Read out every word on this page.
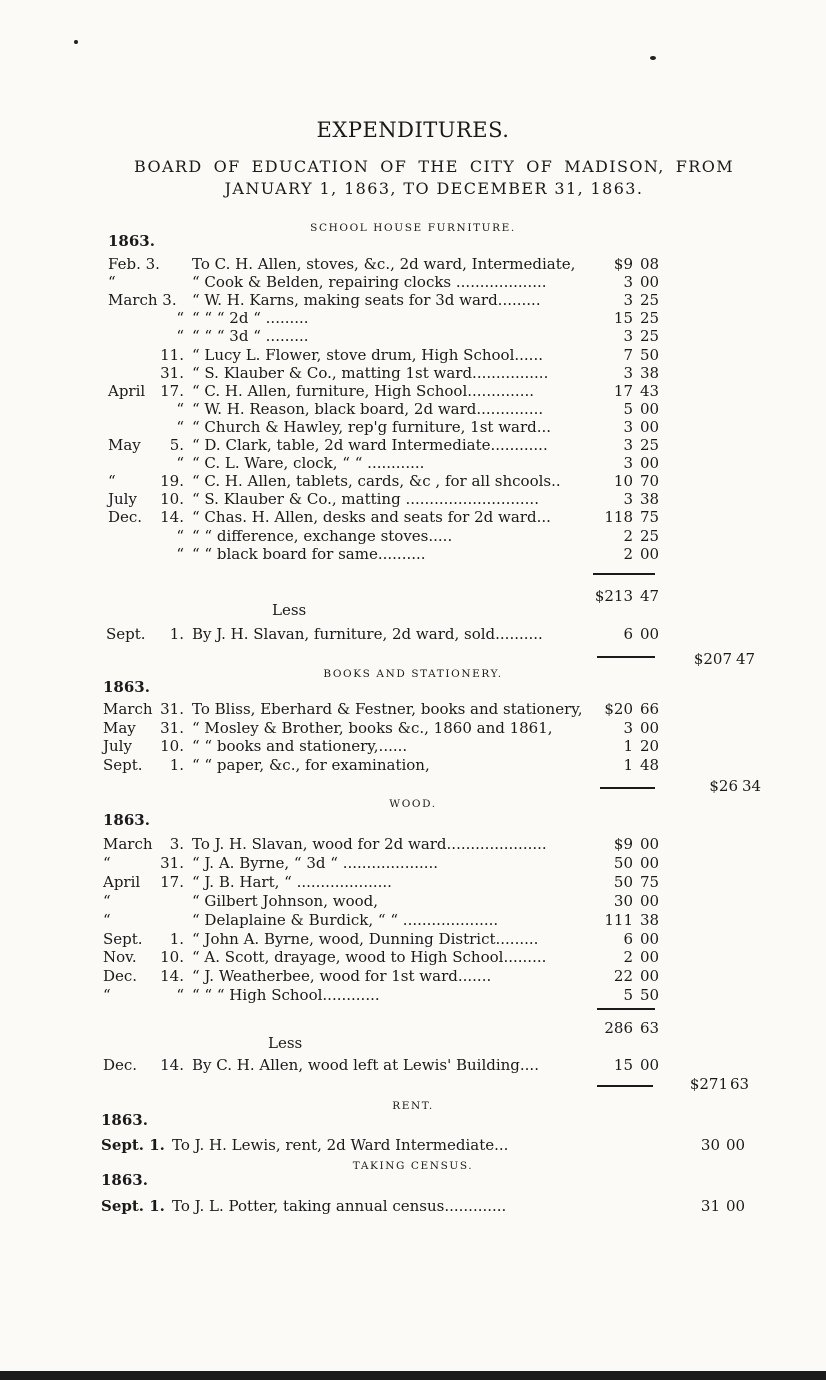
EXPENDITURES.
BOARD OF EDUCATION OF THE CITY OF MADISON, FROM JANUARY 1, 1863, TO DECEMBER 31, 1863.
SCHOOL HOUSE FURNITURE.
1863.
Feb. 3. To C. H. Allen, stoves, &c., 2d ward, Intermediate,	$9 08
“	“ Cook & Belden, repairing clocks ...................	3 00
March 3. “ W. H. Karns, making seats for 3d ward.........	3 25
“ “ “ “ 2d “ .........	15 25
“ “ “ “ 3d “ .........	3 25
11. “ Lucy L. Flower, stove drum, High School......	7 50
31. “ S. Klauber & Co., matting 1st ward................	3 38
April 17. “ C. H. Allen, furniture, High School..............	17 43
“ “ W. H. Reason, black board, 2d ward..............	5 00
“ “ Church & Hawley, rep'g furniture, 1st ward...	3 00
May	5. “ D. Clark, table, 2d ward Intermediate............	3 25
“ “ C. L. Ware, clock, “ “ ............	3 00
“	19. “ C. H. Allen, tablets, cards, &c , for all shcools..	10 70
July	10. “ S. Klauber & Co., matting ............................	3 38
Dec.	14. “ Chas. H. Allen, desks and seats for 2d ward...	118 75
“ “ “ difference, exchange stoves.....	2 25
“ “ “ black board for same..........	2 00
$213 47
Less
Sept.	1. By J. H. Slavan, furniture, 2d ward, sold..........	6 00
$207 47
BOOKS AND STATIONERY.
1863.
March 31. To Bliss, Eberhard & Festner, books and stationery,	$20 66
May	31. “ Mosley & Brother, books &c., 1860 and 1861,	3 00
July	10. “ “ books and stationery,......	1 20
Sept.	1. “ “ paper, &c., for examination,	1 48
$26 34
WOOD.
1863.
March	3. To J. H. Slavan, wood for 2d ward.....................	$9 00
“	31. “ J. A. Byrne, “ 3d “ ....................	50 00
April	17. “ J. B. Hart, “ ....................	50 75
“	“ Gilbert Johnson, wood,	30 00
“	“ Delaplaine & Burdick, “ “ ....................	111 38
Sept.	1. “ John A. Byrne, wood, Dunning District.........	6 00
Nov.	10. “ A. Scott, drayage, wood to High School.........	2 00
Dec.	14. “ J. Weatherbee, wood for 1st ward.......	22 00
“	“ “ “ “ High School............	5 50
286 63
Less
Dec.	14. By C. H. Allen, wood left at Lewis' Building....	15 00
$271 63
RENT.
1863.
Sept. 1. To J. H. Lewis, rent, 2d Ward Intermediate...	30 00
TAKING CENSUS.
1863.
Sept. 1. To J. L. Potter, taking annual census.............	31 00
